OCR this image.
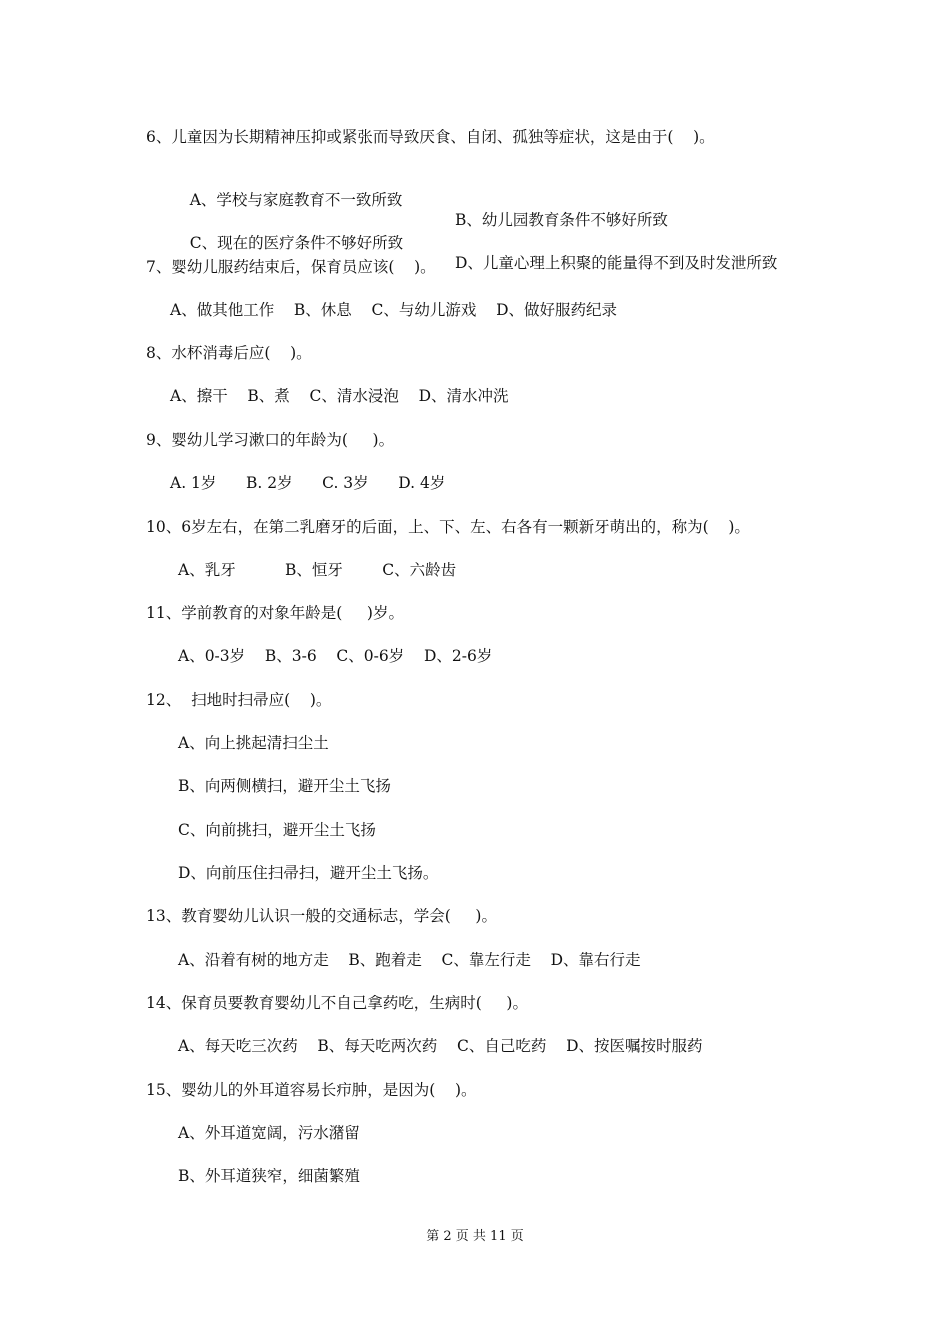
6、儿童因为长期精神压抑或紧张而导致厌食、自闭、孤独等症状，这是由于(    )。

A、学校与家庭教育不一致所致

B、幼儿园教育条件不够好所致

C、现在的医疗条件不够好所致

D、儿童心理上积聚的能量得不到及时发泄所致

7、婴幼儿服药结束后，保育员应该(    )。

A、做其他工作    B、休息    C、与幼儿游戏    D、做好服药纪录

8、水杯消毒后应(    )。

A、擦干    B、煮    C、清水浸泡    D、清水冲洗

9、婴幼儿学习漱口的年龄为(     )。

A. 1岁      B. 2岁      C. 3岁      D. 4岁

10、6岁左右，在第二乳磨牙的后面，上、下、左、右各有一颗新牙萌出的，称为(    )。

A、乳牙          B、恒牙        C、六龄齿

11、学前教育的对象年龄是(     )岁。

A、0-3岁    B、3-6    C、0-6岁    D、2-6岁

12、  扫地时扫帚应(    )。

A、向上挑起清扫尘土

B、向两侧横扫，避开尘土飞扬

C、向前挑扫，避开尘土飞扬

D、向前压住扫帚扫，避开尘土飞扬。

13、教育婴幼儿认识一般的交通标志，学会(     )。

A、沿着有树的地方走    B、跑着走    C、靠左行走    D、靠右行走

14、保育员要教育婴幼儿不自己拿药吃，生病时(     )。

A、每天吃三次药    B、每天吃两次药    C、自己吃药    D、按医嘱按时服药

15、婴幼儿的外耳道容易长疖肿，是因为(    )。

A、外耳道宽阔，污水潴留

B、外耳道狭窄，细菌繁殖

第 2 页 共 11 页
